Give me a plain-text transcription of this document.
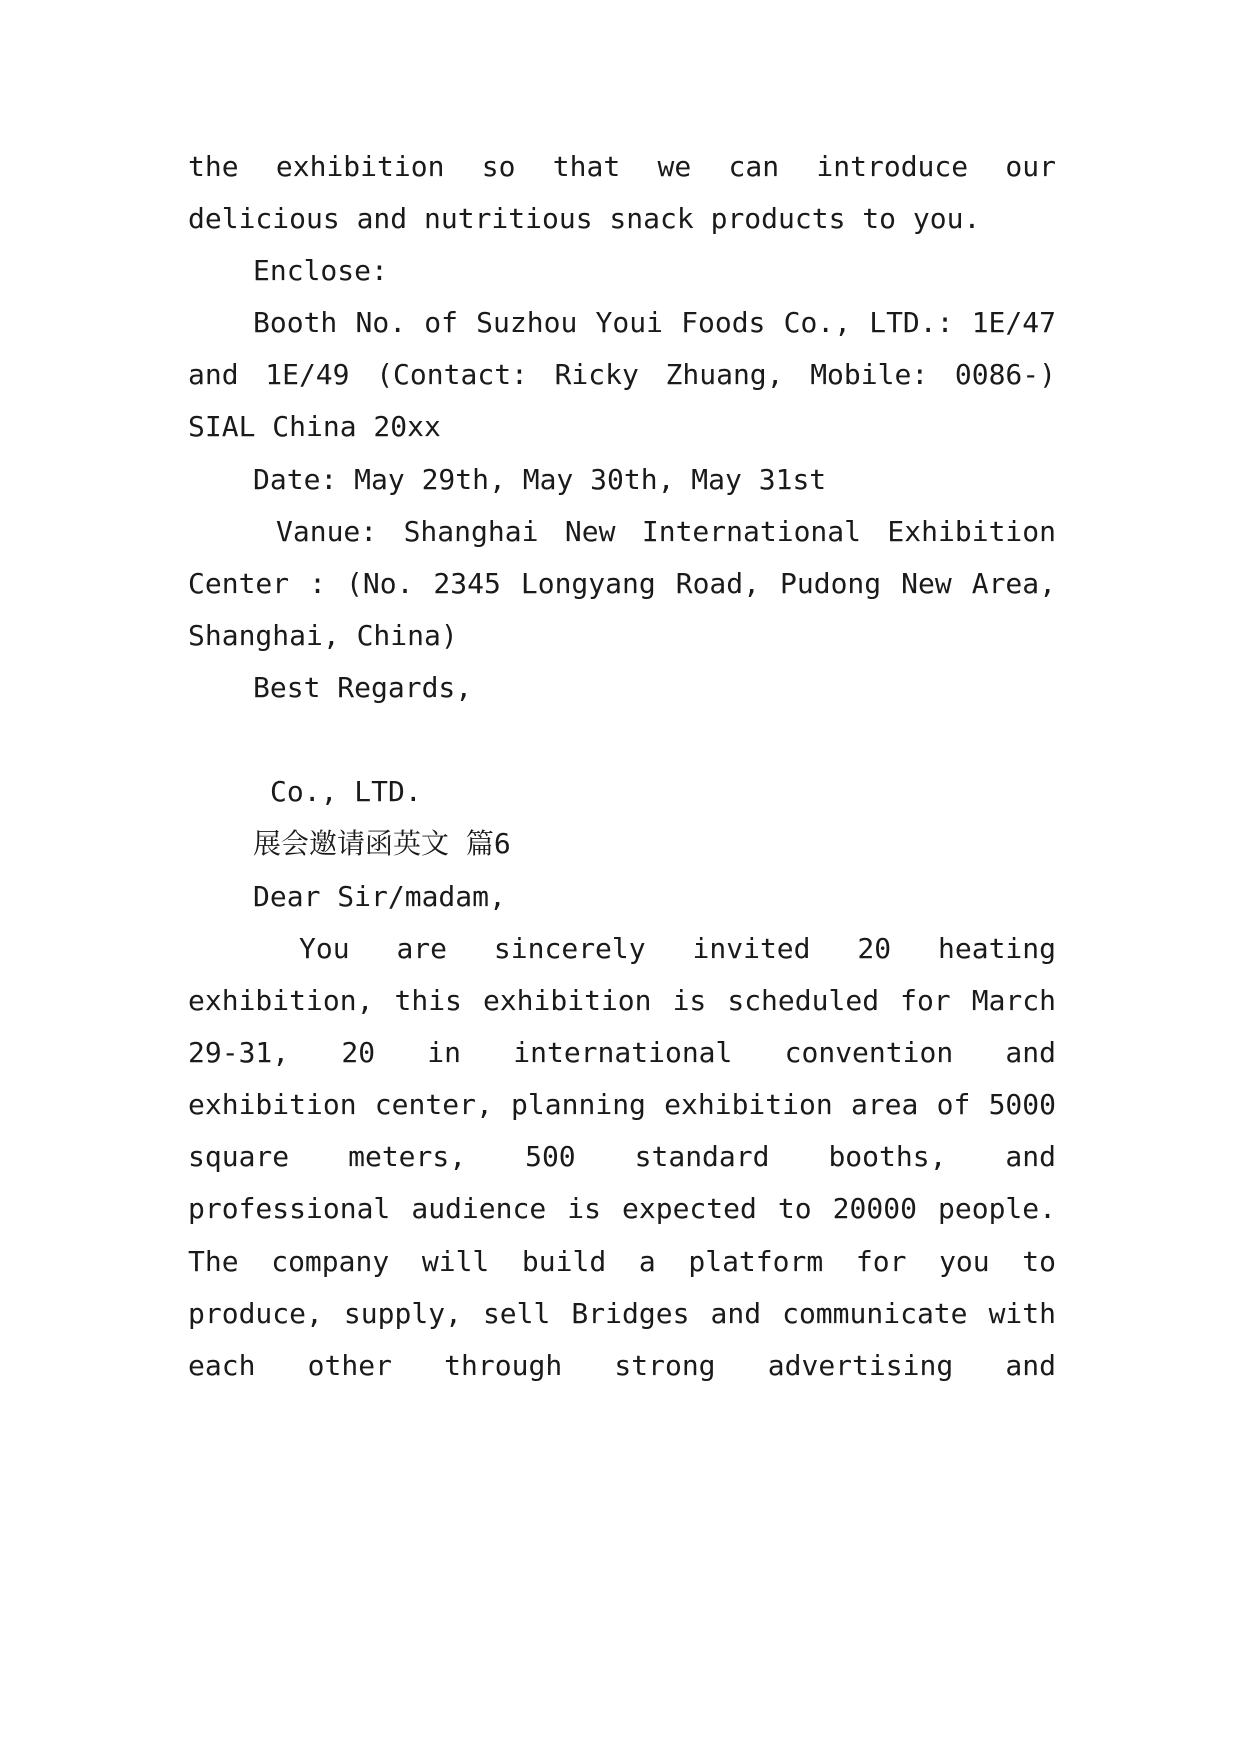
the exhibition so that we can introduce our
delicious and nutritious snack products to you.
Enclose:
Booth No. of Suzhou Youi Foods Co., LTD.: 1E/47
and 1E/49 (Contact: Ricky Zhuang, Mobile: 0086-)
SIAL China 20xx
Date: May 29th, May 30th, May 31st
Vanue: Shanghai New International Exhibition
Center : (No. 2345 Longyang Road, Pudong New Area,
Shanghai, China)
Best Regards,
Co., LTD.
展会邀请函英文 篇6
Dear Sir/madam,
You are sincerely invited 20 heating
exhibition, this exhibition is scheduled for March
29-31, 20 in international convention and
exhibition center, planning exhibition area of 5000
square meters, 500 standard booths, and
professional audience is expected to 20000 people.
The company will build a platform for you to
produce, supply, sell Bridges and communicate with
each other through strong advertising and
